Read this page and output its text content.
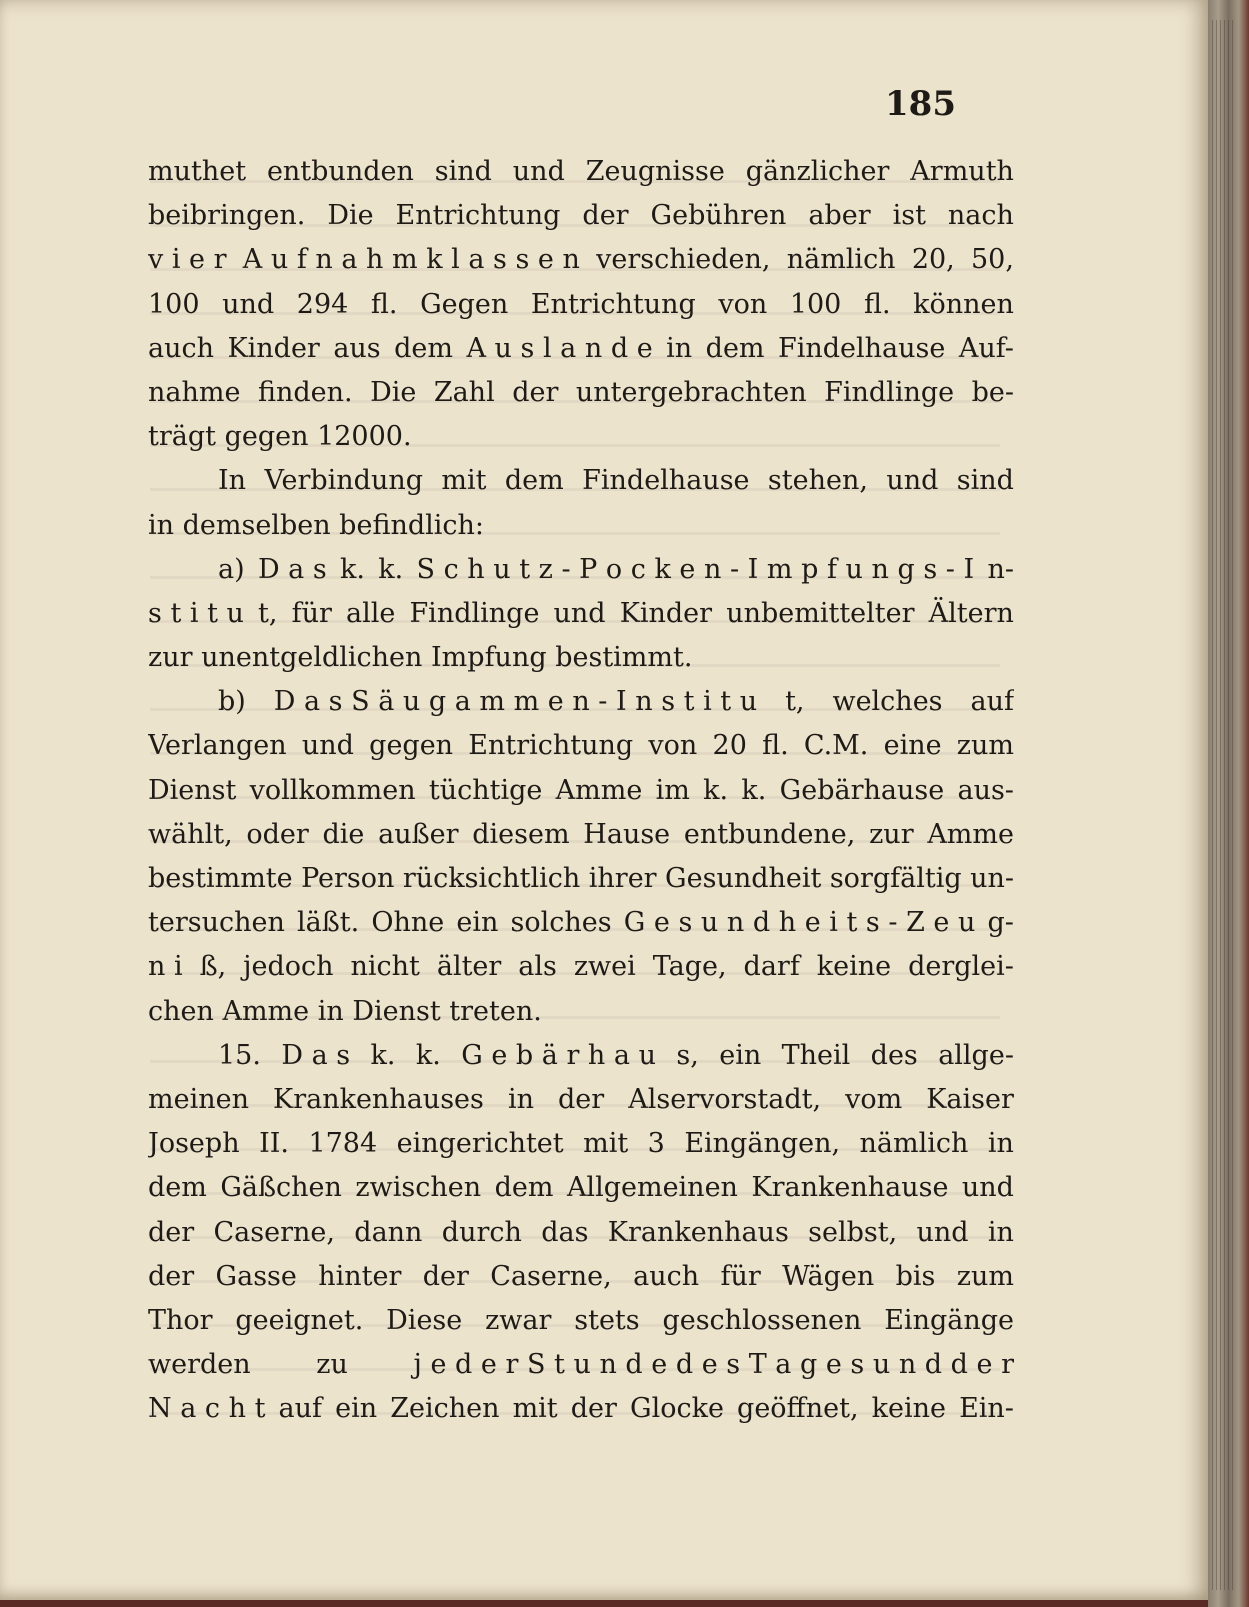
185

muthet entbunden sind und Zeugnisse gänzlicher Armuth

beibringen. Die Entrichtung der Gebühren aber ist nach

v i e r A u f n a h m k l a s s e n verschieden, nämlich 20, 50,

100 und 294 fl. Gegen Entrichtung von 100 fl. können

auch Kinder aus dem A u s l a n d e in dem Findelhause Auf-

nahme finden. Die Zahl der untergebrachten Findlinge be-

trägt gegen 12000.

In Verbindung mit dem Findelhause stehen, und sind

in demselben befindlich:

a) D a s k. k. S c h u t z - P o c k e n - I m p f u n g s - I n-

s t i t u t, für alle Findlinge und Kinder unbemittelter Ältern

zur unentgeldlichen Impfung bestimmt.

b) D a s S ä u g a m m e n - I n s t i t u t, welches auf

Verlangen und gegen Entrichtung von 20 fl. C.M. eine zum

Dienst vollkommen tüchtige Amme im k. k. Gebärhause aus-

wählt, oder die außer diesem Hause entbundene, zur Amme

bestimmte Person rücksichtlich ihrer Gesundheit sorgfältig un-

tersuchen läßt. Ohne ein solches G e s u n d h e i t s - Z e u g-

n i ß, jedoch nicht älter als zwei Tage, darf keine derglei-

chen Amme in Dienst treten.

15. D a s k. k. G e b ä r h a u s, ein Theil des allge-

meinen Krankenhauses in der Alservorstadt, vom Kaiser

Joseph II. 1784 eingerichtet mit 3 Eingängen, nämlich in

dem Gäßchen zwischen dem Allgemeinen Krankenhause und

der Caserne, dann durch das Krankenhaus selbst, und in

der Gasse hinter der Caserne, auch für Wägen bis zum

Thor geeignet. Diese zwar stets geschlossenen Eingänge

werden zu j e d e r S t u n d e d e s T a g e s u n d d e r

N a c h t auf ein Zeichen mit der Glocke geöffnet, keine Ein-
